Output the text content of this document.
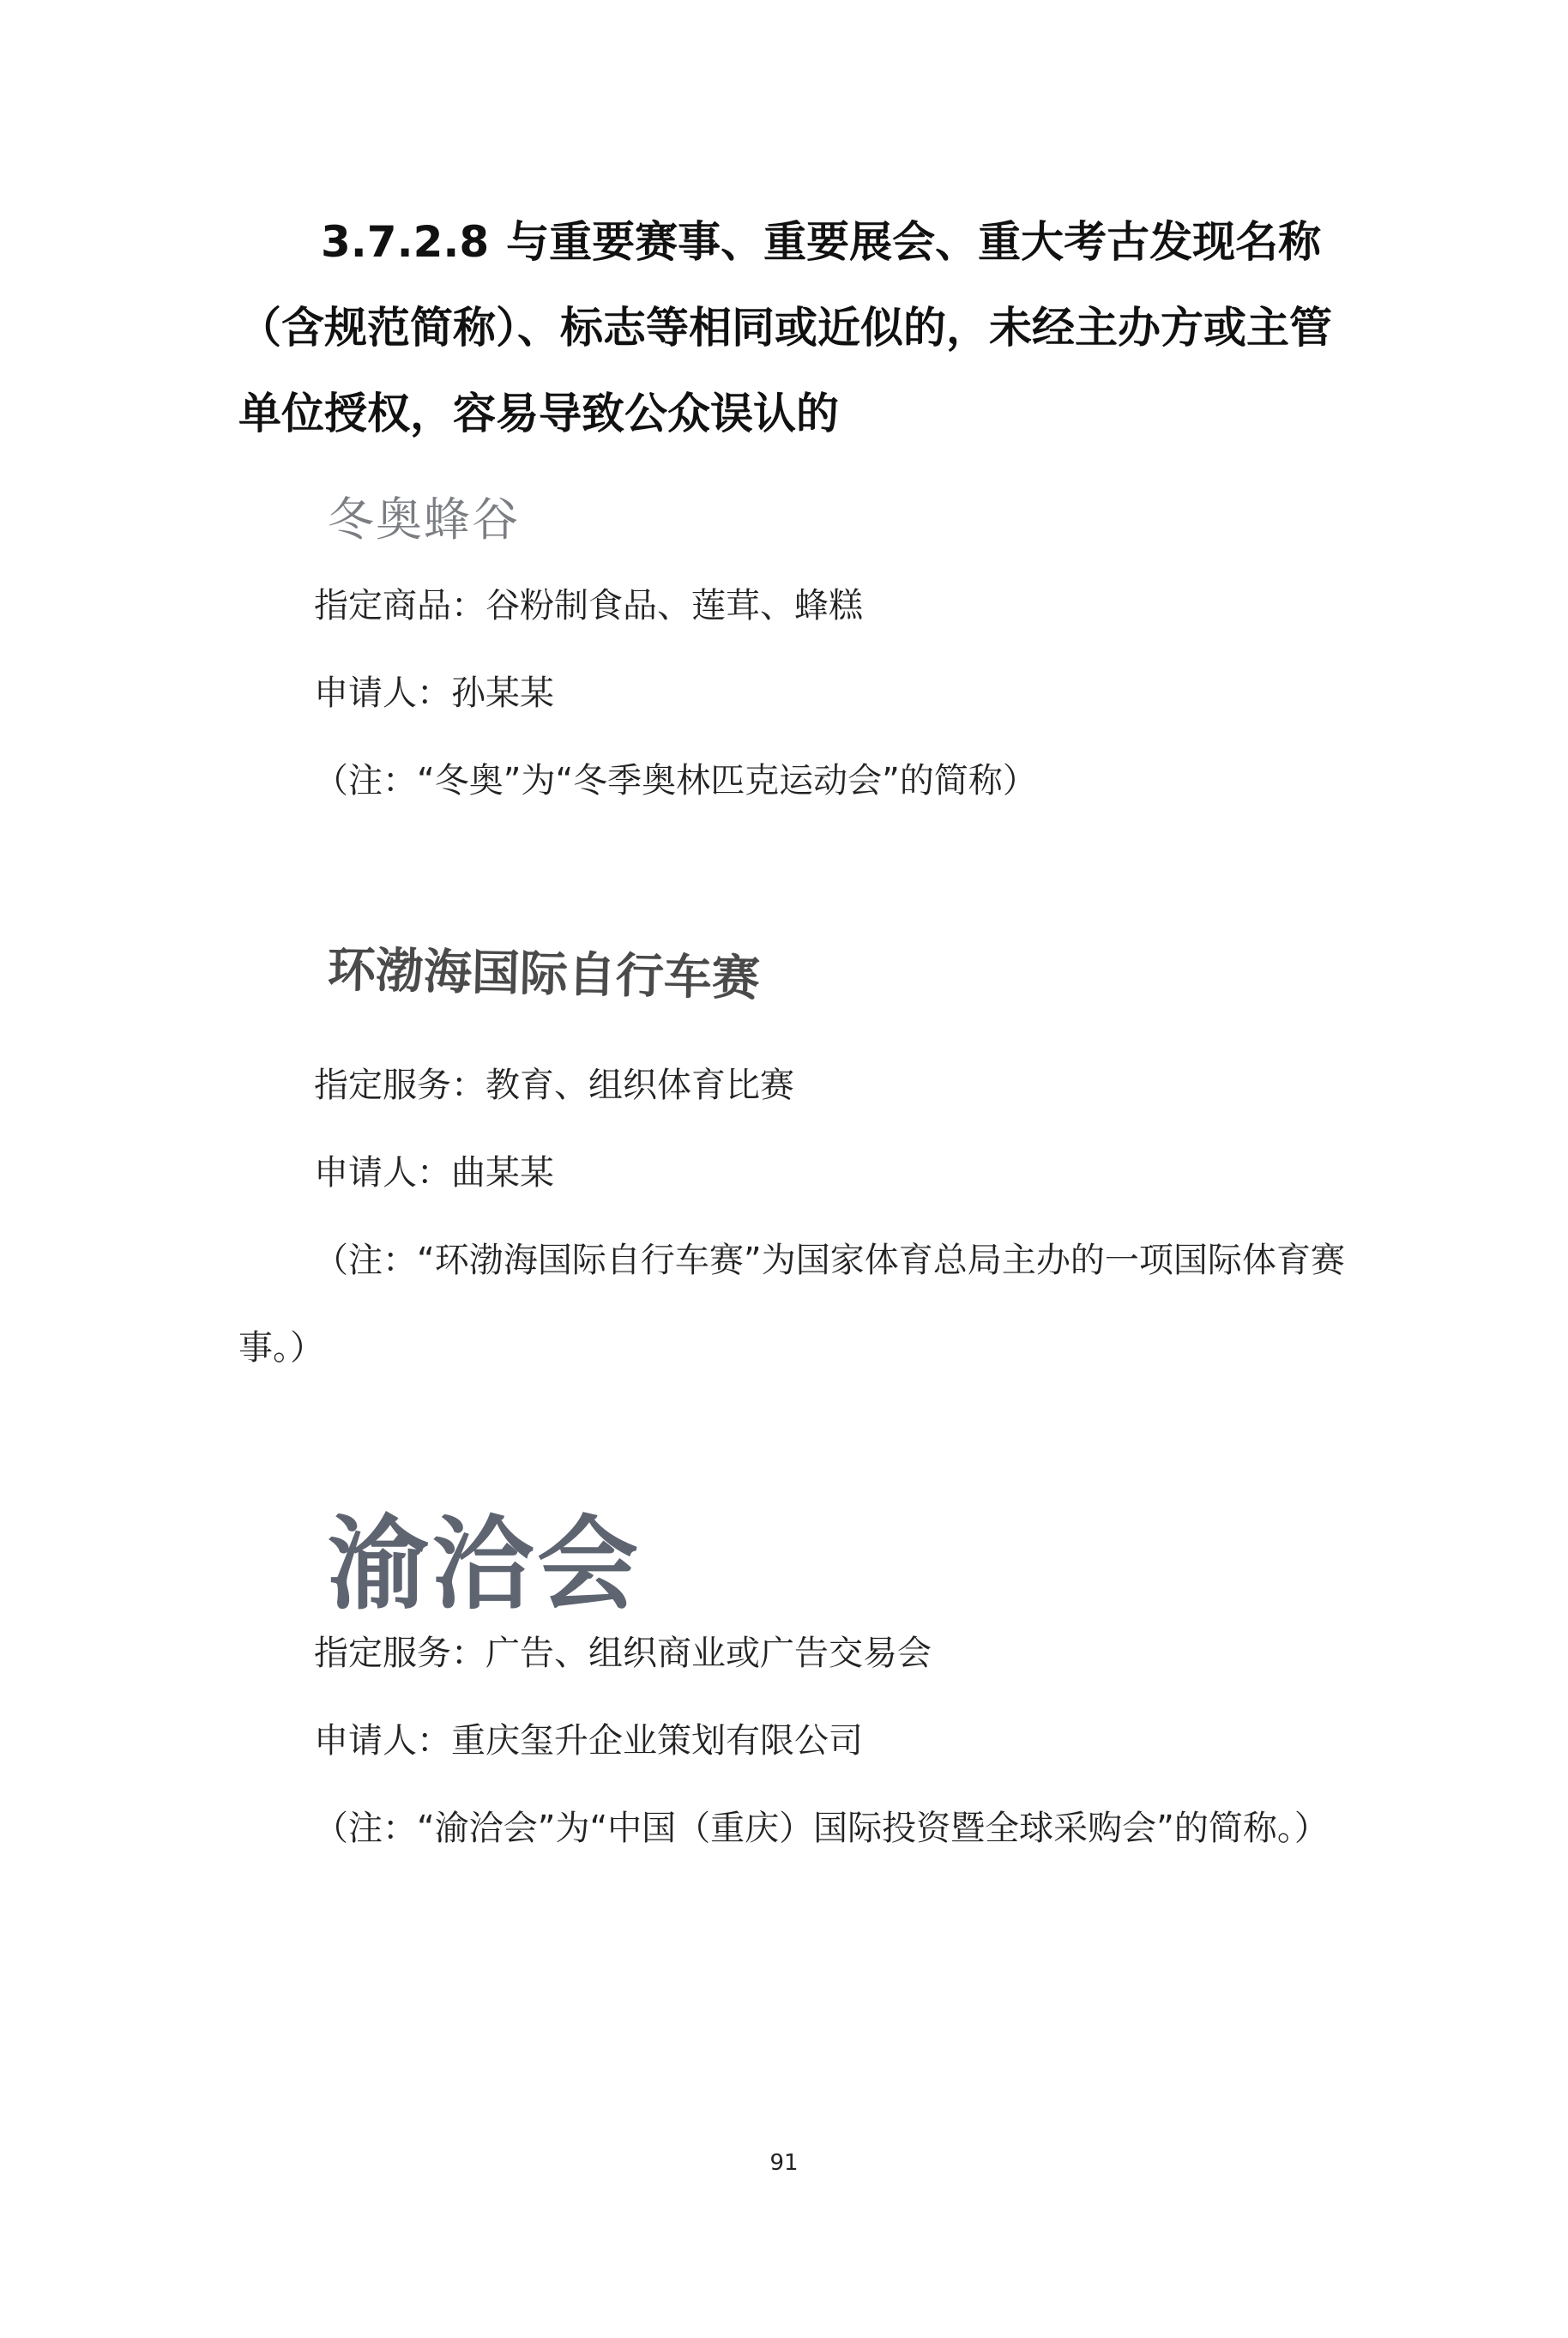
3.7.2.8 与重要赛事、重要展会、重大考古发现名称
（含规范简称）、标志等相同或近似的，未经主办方或主管
单位授权，容易导致公众误认的
冬奥蜂谷

指定商品：谷粉制食品、莲茸、蜂糕

申请人：孙某某

（注：“冬奥”为“冬季奥林匹克运动会”的简称）

环渤海国际自行车赛

指定服务：教育、组织体育比赛

申请人：曲某某

（注：“环渤海国际自行车赛”为国家体育总局主办的一项国际体育赛事。）

渝洽会

指定服务：广告、组织商业或广告交易会

申请人：重庆玺升企业策划有限公司

（注：“渝洽会”为“中国（重庆）国际投资暨全球采购会”的简称。）

91
